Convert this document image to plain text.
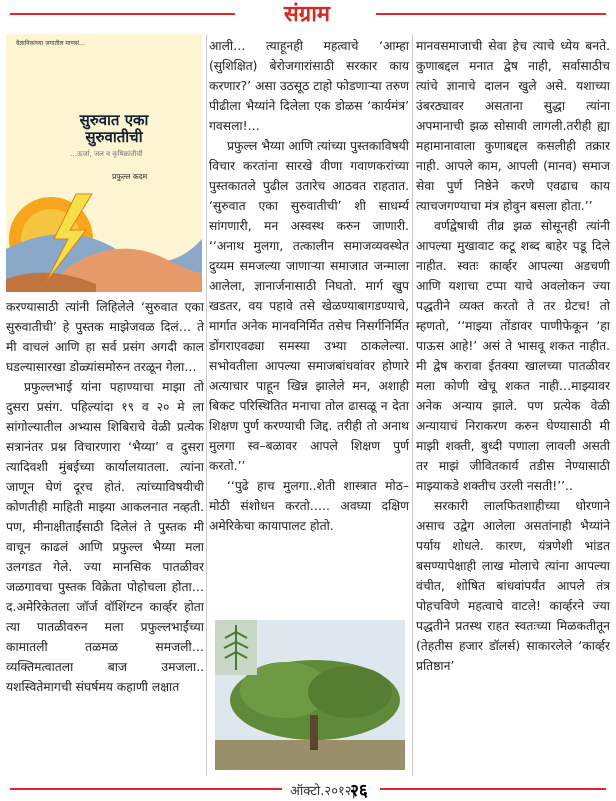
संग्राम
वैज्ञानिकांच्या जगातील माणसं…
सुरुवात एका सुरुवातीची
…ऊर्जा, जल व कृषिक्रांतीची
प्रफुल्ल कदम

करण्यासाठी त्यांनी लिहिलेले ‘सुरुवात एका सुरुवातीची’ हे पुस्तक माझेजवळ दिलं… ते मी वाचलं आणि हा सर्व प्रसंग अगदी काल घडल्यासारखा डोळ्यांसमोरुन तरळून गेला…

प्रफुल्लभाई यांना पहाण्याचा माझा तो दुसरा प्रसंग. पहिल्यांदा १९ व २० मे ला सांगोल्यातील अभ्यास शिबिराचे वेळी प्रत्येक सत्रानंतर प्रश्न विचारणारा ‘भैय्या’ व दुसरा त्यादिवशी मुंबईच्या कार्यालयातला. त्यांना जाणून घेणं दूरच होतं. त्यांच्याविषयीची कोणतीही माहिती माझ्या आकलनात नव्हती. पण, मीनाक्षीताईंसाठी दिलेलं ते पुस्तक मी वाचून काढलं आणि प्रफुल्ल भैय्या मला उलगडत गेले. ज्या मानसिक पातळीवर जळगावचा पुस्तक विक्रेता पोहोचला होता… द.अमेरिकेतला जॉर्ज वॉशिंग्टन कार्व्हर होता त्या पातळीवरुन मला प्रफुल्लभाईंच्या कामातली तळमळ समजली… व्यक्तिमत्वातला बाज उमजला.. यशस्वितेमागची संघर्षमय कहाणी लक्षात

आली… त्याहूनही महत्वाचे ‘आम्हा (सुशिक्षित) बेरोजगारांसाठी सरकार काय करणार?’ असा उठसूठ टाहो फोडणाऱ्या तरुण पीढीला भैय्यांने दिलेला एक डोळस ‘कार्यमंत्र’ गवसला!…

प्रफुल्ल भैय्या आणि त्यांच्या पुस्तकाविषयी विचार करतांना सारखे वीणा गवाणकरांच्या पुस्तकातले पुढील उतारेच आठवत राहतात. ‘सुरुवात एका सुरुवातीची’ शी साधर्म्य सांगणारी, मन अस्वस्थ करुन जाणारी. ‘‘अनाथ मुलगा, तत्कालीन समाजव्यवस्थेत दुय्यम समजल्या जाणाऱ्या समाजात जन्माला आलेला, ज्ञानार्जनासाठी निघतो. मार्ग खुप खडतर, वय पहावे तसे खेळण्याबागडण्याचे, मार्गात अनेक मानवनिर्मित तसेच निसर्गनिर्मित डोंगराएवढ्या समस्या उभ्या ठाकलेल्या. सभोवतीला आपल्या समाजबांधवांवर होणारे अत्याचार पाहून खिन्न झालेले मन, अशाही बिकट परिस्थितित मनाचा तोल ढासळू न देता शिक्षण पुर्ण करण्याची जिद्द. तरीही तो अनाथ मुलगा स्व–बळावर आपले शिक्षण पुर्ण करतो.’’

‘‘पुढे हाच मुलगा..शेती शास्त्रात मोठ–मोठी संशोधन करतो….. अवघ्या दक्षिण अमेरिकेचा कायापालट होतो.

मानवसमाजाची सेवा हेच त्याचे ध्येय बनते. कुणाबद्दल मनात द्वेष नाही, सर्वासाठीच त्यांचे ज्ञानाचे दालन खुले असे. यशाच्या उंबरठ्यावर असताना सुद्धा त्यांना अपमानाची झळ सोसावी लागली.तरीही ह्या महामानावाला कुणाबद्दल कसलीही तक्रार नाही. आपले काम, आपली (मानव) समाज सेवा पुर्ण निष्ठेने करणे एवढाच काय त्याचजगण्याचा मंत्र होवुन बसला होता.’’

वर्णद्वेषाची तीव्र झळ सोसूनही त्यांनी आपल्या मुखावाट कटू शब्द बाहेर पडू दिले नाहीत. स्वतः कार्व्हर आपल्या अडचणी आणि यशाचा टप्पा याचे अवलोकन ज्या पद्धतीने व्यक्त करतो ते तर ग्रेटच! तो म्हणतो, ‘‘माझ्या तोंडावर पाणीफेकून ‘हा पाऊस आहे!’ असं ते भासवू शकत नाहीत. मी द्वेष करावा ईतक्या खालच्या पातळीवर मला कोणी खेचू शकत नाही…माझ्यावर अनेक अन्याय झाले. पण प्रत्येक वेळी अन्यायाचं निराकरण करुन घेण्यासाठी मी माझी शक्ती, बुध्दी पणाला लावली असती तर माझं जीवितकार्य तडीस नेण्यासाठी माझ्याकडे शक्तीच उरली नसती!’’..

सरकारी लालफितशाहीच्या धोरणाने असाच उद्वेग आलेला असतांनाही भैय्यांने पर्याय शोधले. कारण, यंत्रणेशी भांडत बसण्यापेक्षाही लाख मोलाचे त्यांना आपल्या वंचीत, शोषित बांधवांपर्यंत आपले तंत्र पोहचविणे महत्वाचे वाटले! कार्व्हरने ज्या पद्धतीने प्रतस्थ राहत स्वतःच्या मिळकतीतून (तेहतीस हजार डॉलर्स) साकारलेले ‘कार्व्हर प्रतिष्ठान’

ऑक्टो.२०१२|
२६
